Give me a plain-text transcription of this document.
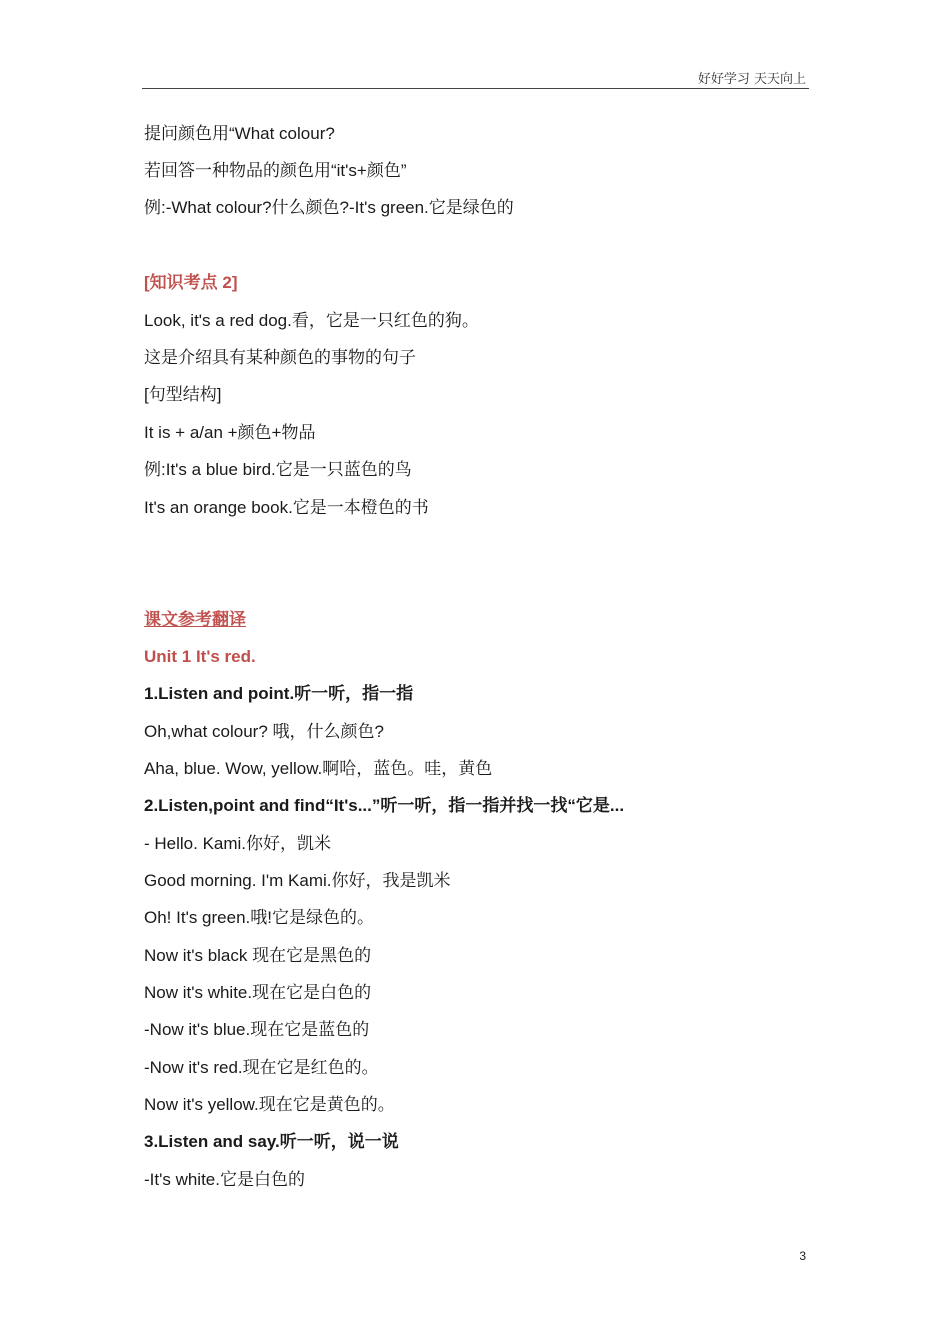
好好学习 天天向上
提问颜色用“What colour?
若回答一种物品的颜色用“it's+颜色”
例:-What colour?什么颜色?-It's green.它是绿色的
[知识考点 2]
Look, it's a red dog.看，它是一只红色的狗。
这是介绍具有某种颜色的事物的句子
[句型结构]
It is + a/an +颜色+物品
例:It's a blue bird.它是一只蓝色的鸟
It's an orange book.它是一本橙色的书
课文参考翻译
Unit 1 It's red.
1.Listen and point.听一听，指一指
Oh,what colour? 哦，什么颜色?
Aha, blue. Wow, yellow.啊哈，蓝色。哇，黄色
2.Listen,point and find“It's...”听一听，指一指并找一找“它是...
- Hello. Kami.你好，凯米
Good morning. I'm Kami.你好，我是凯米
Oh! It's green.哦!它是绿色的。
Now it's black 现在它是黑色的
Now it's white.现在它是白色的
-Now it's blue.现在它是蓝色的
-Now it's red.现在它是红色的。
Now it's yellow.现在它是黄色的。
3.Listen and say.听一听，说一说
-It's white.它是白色的
3
